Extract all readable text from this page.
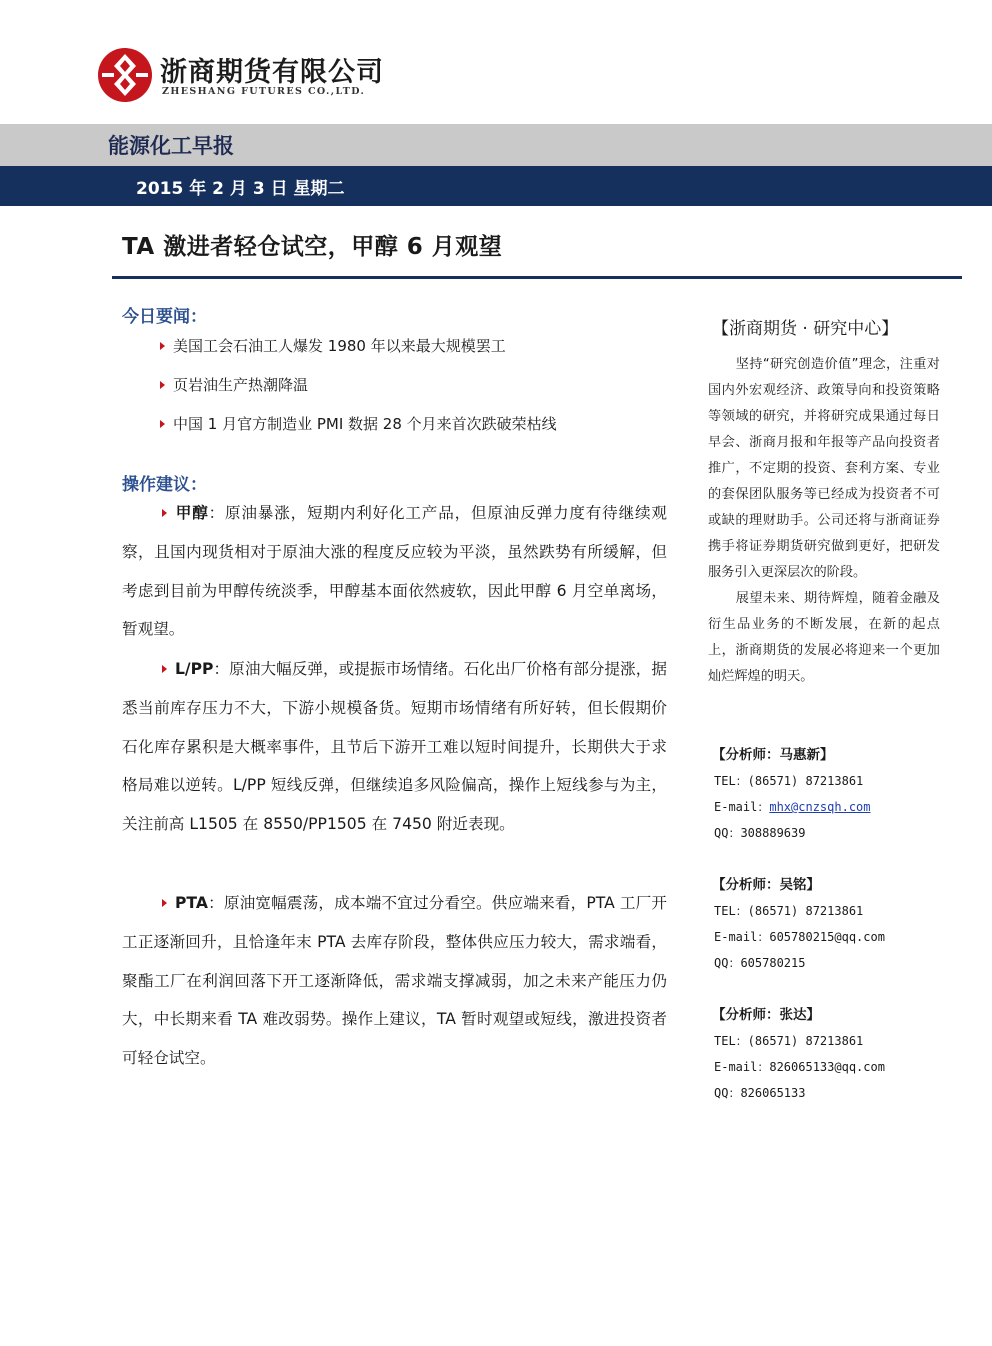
浙商期货有限公司
ZHESHANG FUTURES CO.,LTD.
能源化工早报
2015 年 2 月 3 日 星期二
TA 激进者轻仓试空，甲醇 6 月观望
今日要闻：
美国工会石油工人爆发 1980 年以来最大规模罢工
页岩油生产热潮降温
中国 1 月官方制造业 PMI 数据 28 个月来首次跌破荣枯线
操作建议：
甲醇：原油暴涨，短期内利好化工产品，但原油反弹力度有待继续观察，且国内现货相对于原油大涨的程度反应较为平淡，虽然跌势有所缓解，但考虑到目前为甲醇传统淡季，甲醇基本面依然疲软，因此甲醇 6 月空单离场，暂观望。
L/PP：原油大幅反弹，或提振市场情绪。石化出厂价格有部分提涨，据悉当前库存压力不大，下游小规模备货。短期市场情绪有所好转，但长假期价石化库存累积是大概率事件，且节后下游开工难以短时间提升，长期供大于求格局难以逆转。L/PP 短线反弹，但继续追多风险偏高，操作上短线参与为主，关注前高 L1505 在 8550/PP1505 在 7450 附近表现。
PTA：原油宽幅震荡，成本端不宜过分看空。供应端来看，PTA 工厂开工正逐渐回升，且恰逢年末 PTA 去库存阶段，整体供应压力较大，需求端看，聚酯工厂在利润回落下开工逐渐降低，需求端支撑减弱，加之未来产能压力仍大，中长期来看 TA 难改弱势。操作上建议，TA 暂时观望或短线，激进投资者可轻仓试空。
【浙商期货 · 研究中心】

坚持“研究创造价值”理念，注重对国内外宏观经济、政策导向和投资策略等领域的研究，并将研究成果通过每日早会、浙商月报和年报等产品向投资者推广，不定期的投资、套利方案、专业的套保团队服务等已经成为投资者不可或缺的理财助手。公司还将与浙商证券携手将证券期货研究做到更好，把研发服务引入更深层次的阶段。

展望未来、期待辉煌，随着金融及衍生品业务的不断发展，在新的起点上，浙商期货的发展必将迎来一个更加灿烂辉煌的明天。

【分析师：马惠新】
TEL：(86571) 87213861
E-mail：mhx@cnzsqh.com
QQ：308889639
【分析师：吴铭】
TEL：(86571) 87213861
E-mail：605780215@qq.com
QQ：605780215
【分析师：张达】
TEL：(86571) 87213861
E-mail：826065133@qq.com
QQ：826065133
